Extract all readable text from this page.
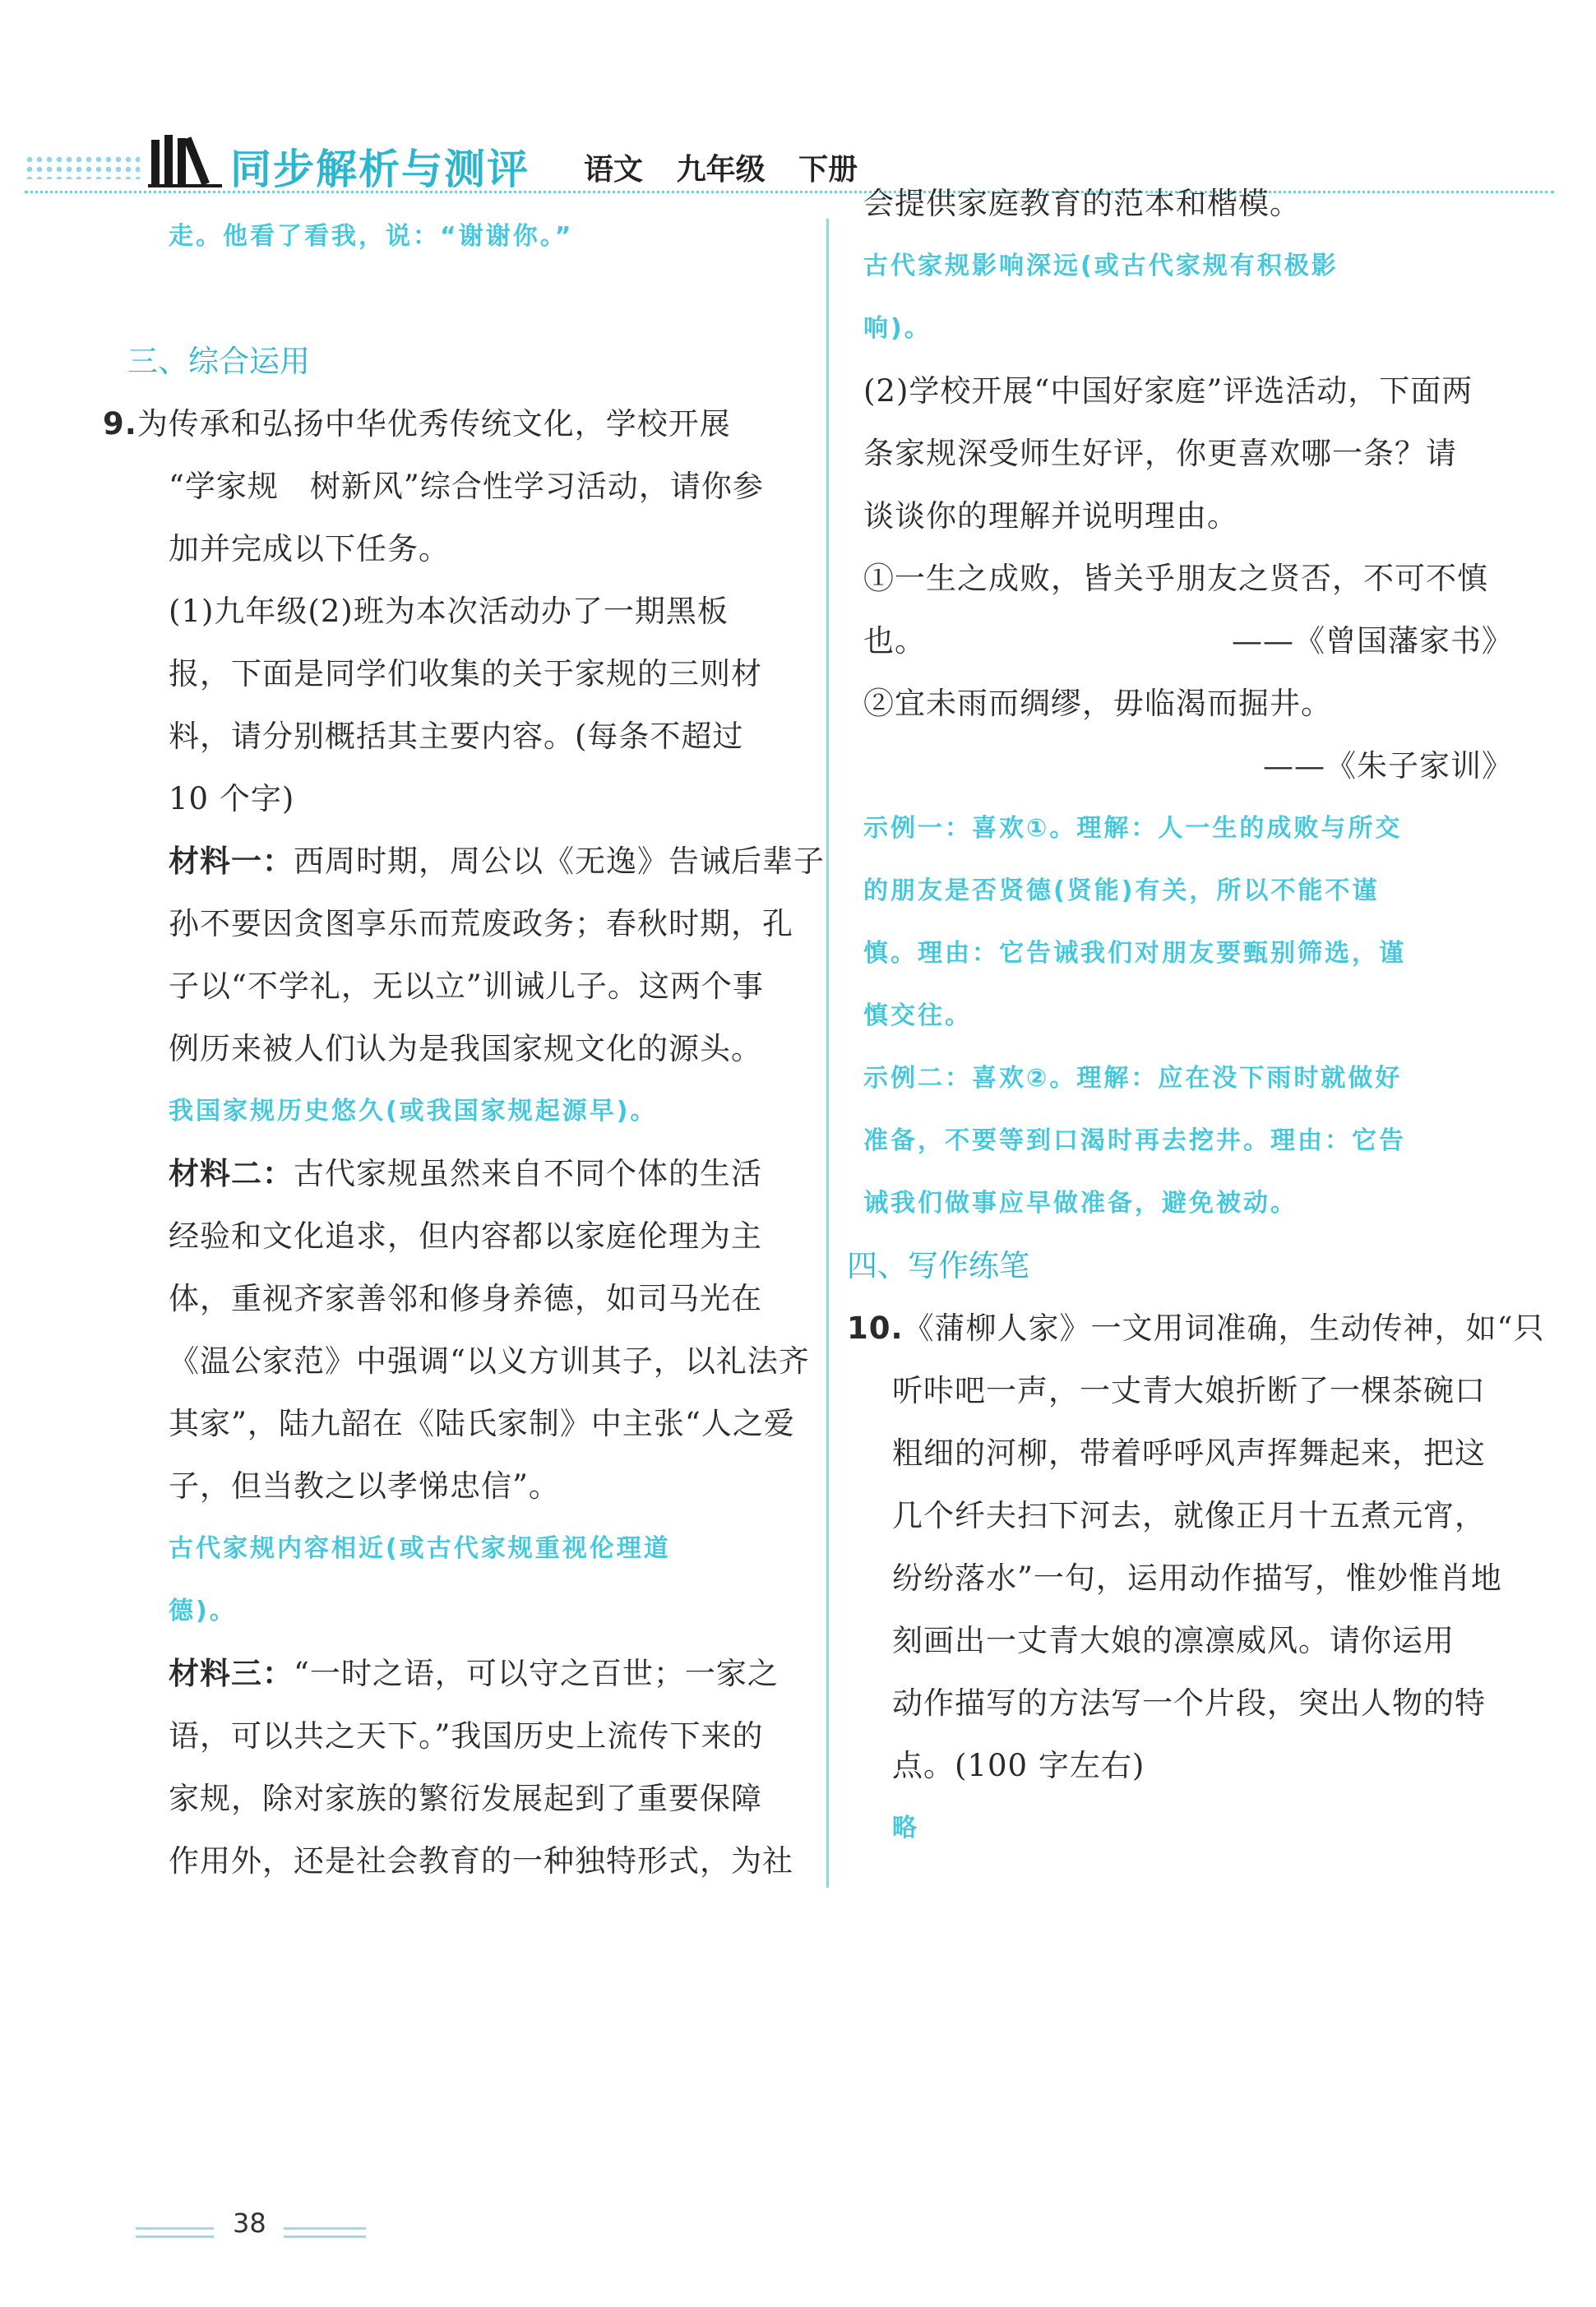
同步解析与测评 语文 九年级 下册
走。他看了看我，说：“谢谢你。”
三、综合运用
9.为传承和弘扬中华优秀传统文化，学校开展
“学家规　树新风”综合性学习活动，请你参
加并完成以下任务。
(1)九年级(2)班为本次活动办了一期黑板
报，下面是同学们收集的关于家规的三则材
料，请分别概括其主要内容。(每条不超过
10 个字)
材料一：西周时期，周公以《无逸》告诫后辈子
孙不要因贪图享乐而荒废政务；春秋时期，孔
子以“不学礼，无以立”训诫儿子。这两个事
例历来被人们认为是我国家规文化的源头。
我国家规历史悠久(或我国家规起源早)。
材料二：古代家规虽然来自不同个体的生活
经验和文化追求，但内容都以家庭伦理为主
体，重视齐家善邻和修身养德，如司马光在
《温公家范》中强调“以义方训其子，以礼法齐
其家”，陆九韶在《陆氏家制》中主张“人之爱
子，但当教之以孝悌忠信”。
古代家规内容相近(或古代家规重视伦理道
德)。
材料三：“一时之语，可以守之百世；一家之
语，可以共之天下。”我国历史上流传下来的
家规，除对家族的繁衍发展起到了重要保障
作用外，还是社会教育的一种独特形式，为社
会提供家庭教育的范本和楷模。
古代家规影响深远(或古代家规有积极影
响)。
(2)学校开展“中国好家庭”评选活动，下面两
条家规深受师生好评，你更喜欢哪一条？请
谈谈你的理解并说明理由。
①一生之成败，皆关乎朋友之贤否，不可不慎
也。	——《曾国藩家书》
②宜未雨而绸缪，毋临渴而掘井。
——《朱子家训》
示例一：喜欢①。理解：人一生的成败与所交
的朋友是否贤德(贤能)有关，所以不能不谨
慎。理由：它告诫我们对朋友要甄别筛选，谨
慎交往。
示例二：喜欢②。理解：应在没下雨时就做好
准备，不要等到口渴时再去挖井。理由：它告
诫我们做事应早做准备，避免被动。
四、写作练笔
10.《蒲柳人家》一文用词准确，生动传神，如“只
听咔吧一声，一丈青大娘折断了一棵茶碗口
粗细的河柳，带着呼呼风声挥舞起来，把这
几个纤夫扫下河去，就像正月十五煮元宵，
纷纷落水”一句，运用动作描写，惟妙惟肖地
刻画出一丈青大娘的凛凛威风。请你运用
动作描写的方法写一个片段，突出人物的特
点。(100 字左右)
略
38
